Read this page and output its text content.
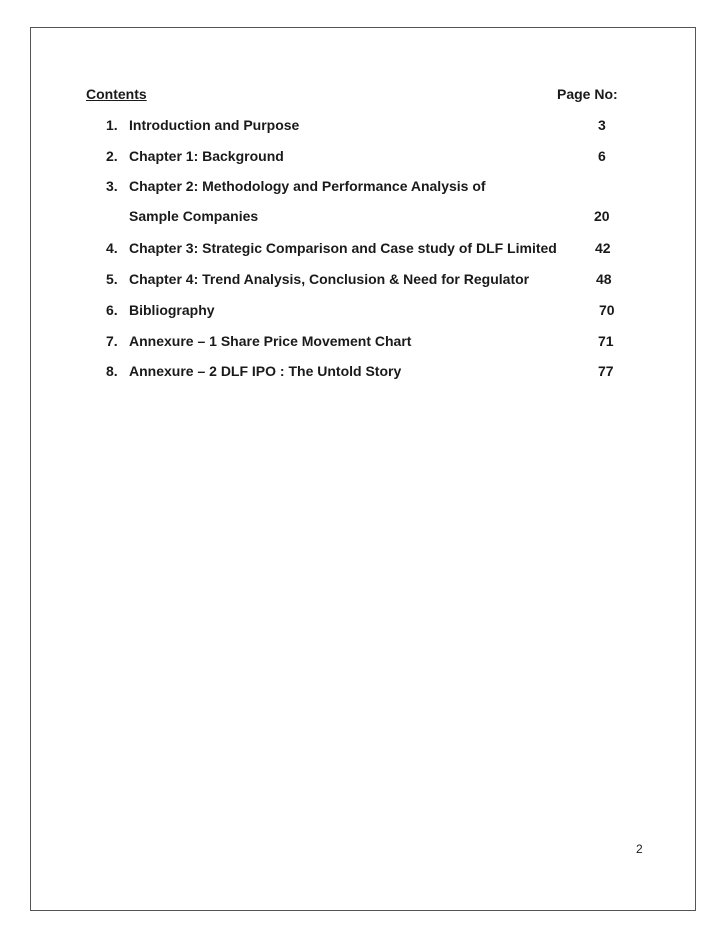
Contents	Page No:
1. Introduction and Purpose	3
2. Chapter 1: Background	6
3. Chapter 2: Methodology and Performance Analysis of
Sample Companies	20
4. Chapter 3: Strategic Comparison and Case study of DLF Limited	42
5. Chapter 4: Trend Analysis, Conclusion & Need for Regulator	48
6. Bibliography	70
7. Annexure – 1 Share Price Movement Chart	71
8. Annexure – 2 DLF IPO : The Untold Story	77
2
